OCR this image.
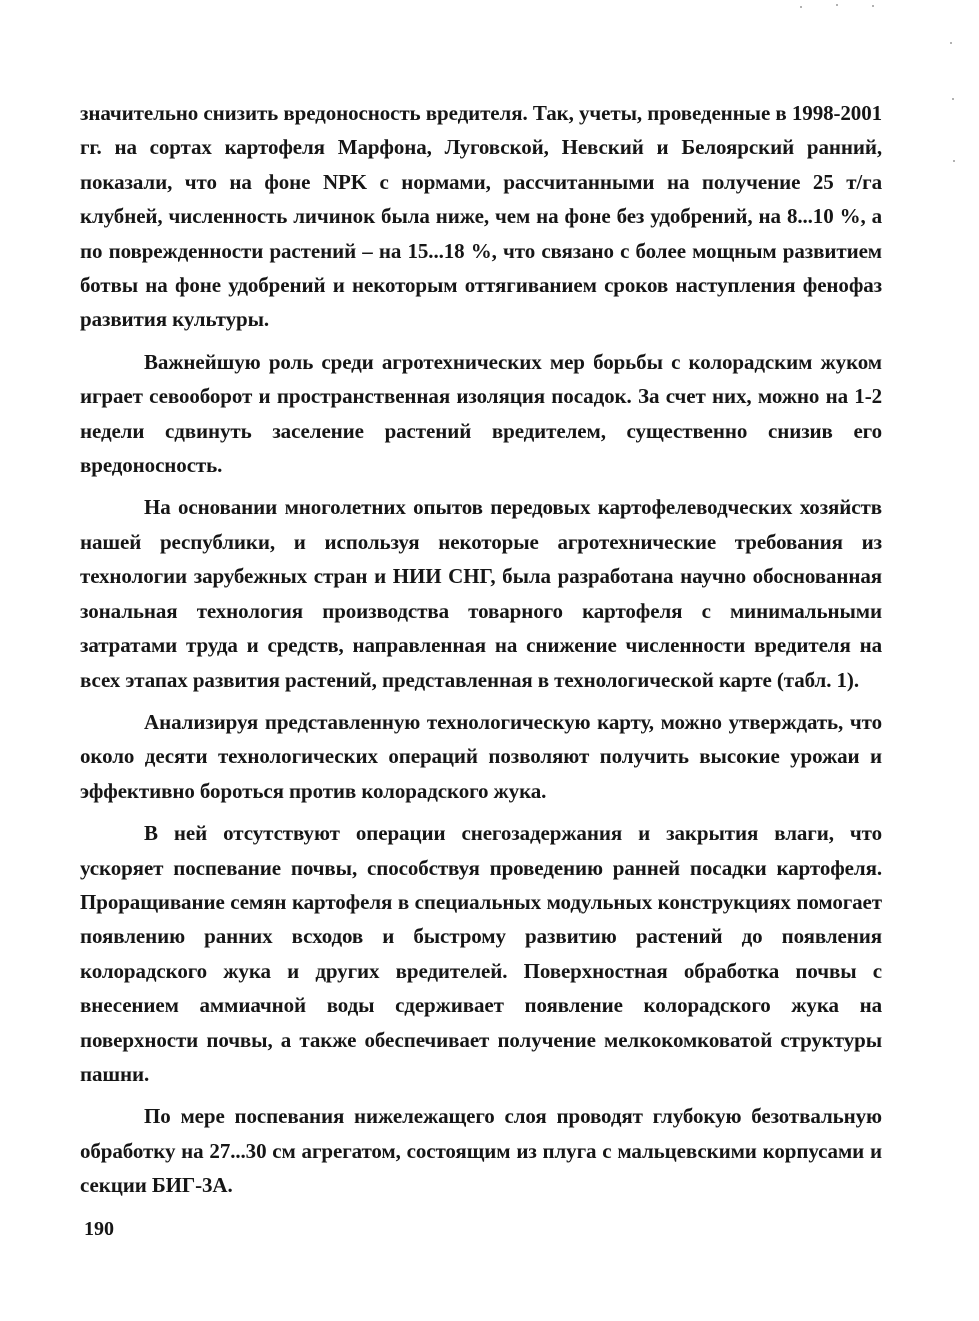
значительно снизить вредоносность вредителя. Так, учеты, проведенные в 1998-2001 гг. на сортах картофеля Марфона, Луговской, Невский и Белоярский ранний, показали, что на фоне NPK с нормами, рассчитанными на получение 25 т/га клубней, численность личинок была ниже, чем на фоне без удобрений, на 8...10 %, а по поврежденности растений – на 15...18 %, что связано с более мощным развитием ботвы на фоне удобрений и некоторым оттягиванием сроков наступления фенофаз развития культуры.

Важнейшую роль среди агротехнических мер борьбы с колорадским жуком играет севооборот и пространственная изоляция посадок. За счет них, можно на 1-2 недели сдвинуть заселение растений вредителем, существенно снизив его вредоносность.

На основании многолетних опытов передовых картофелеводческих хозяйств нашей республики, и используя некоторые агротехнические требования из технологии зарубежных стран и НИИ СНГ, была разработана научно обоснованная зональная технология производства товарного картофеля с минимальными затратами труда и средств, направленная на снижение численности вредителя на всех этапах развития растений, представленная в технологической карте (табл. 1).

Анализируя представленную технологическую карту, можно утверждать, что около десяти технологических операций позволяют получить высокие урожаи и эффективно бороться против колорадского жука.

В ней отсутствуют операции снегозадержания и закрытия влаги, что ускоряет поспевание почвы, способствуя проведению ранней посадки картофеля. Проращивание семян картофеля в специальных модульных конструкциях помогает появлению ранних всходов и быстрому развитию растений до появления колорадского жука и других вредителей. Поверхностная обработка почвы с внесением аммиачной воды сдерживает появление колорадского жука на поверхности почвы, а также обеспечивает получение мелкокомковатой структуры пашни.

По мере поспевания нижележащего слоя проводят глубокую безотвальную обработку на 27...30 см агрегатом, состоящим из плуга с мальцевскими корпусами и секции БИГ-3А.

190
